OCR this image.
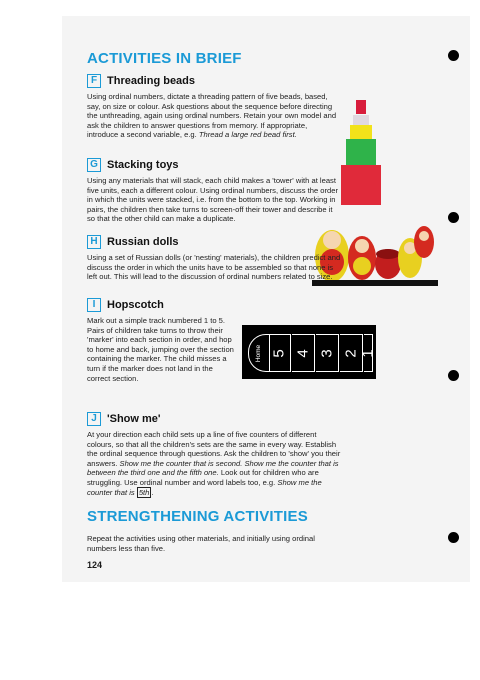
ACTIVITIES IN BRIEF
F Threading beads

Using ordinal numbers, dictate a threading pattern of five beads, based, say, on size or colour. Ask questions about the sequence before directing the unthreading, again using ordinal numbers. Retain your own model and ask the children to answer questions from memory. If appropriate, introduce a second variable, e.g. Thread a large red bead first.

G Stacking toys

Using any materials that will stack, each child makes a 'tower' with at least five units, each a different colour. Using ordinal numbers, discuss the order in which the units were stacked, i.e. from the bottom to the top. Working in pairs, the children then take turns to screen-off their tower and describe it so that the other child can make a duplicate.

H Russian dolls

Using a set of Russian dolls (or 'nesting' materials), the children predict and discuss the order in which the units have to be assembled so that none is left out. This will lead to the discussion of ordinal numbers related to size.

I	Hopscotch

Mark out a simple track numbered 1 to 5. Pairs of children take turns to throw their 'marker' into each section in order, and hop to home and back, jumping over the section containing the marker. The child misses a turn if the marker does not land in the correct section.

Home 5 4 3 2 1
J 'Show me'

At your direction each child sets up a line of five counters of different colours, so that all the children's sets are the same in every way. Establish the ordinal sequence through questions. Ask the children to 'show' you their answers. Show me the counter that is second. Show me the counter that is between the third one and the fifth one. Look out for children who are struggling. Use ordinal number and word labels too, e.g. Show me the counter that is 5th .

STRENGTHENING ACTIVITIES

Repeat the activities using other materials, and initially using ordinal numbers less than five.

124
